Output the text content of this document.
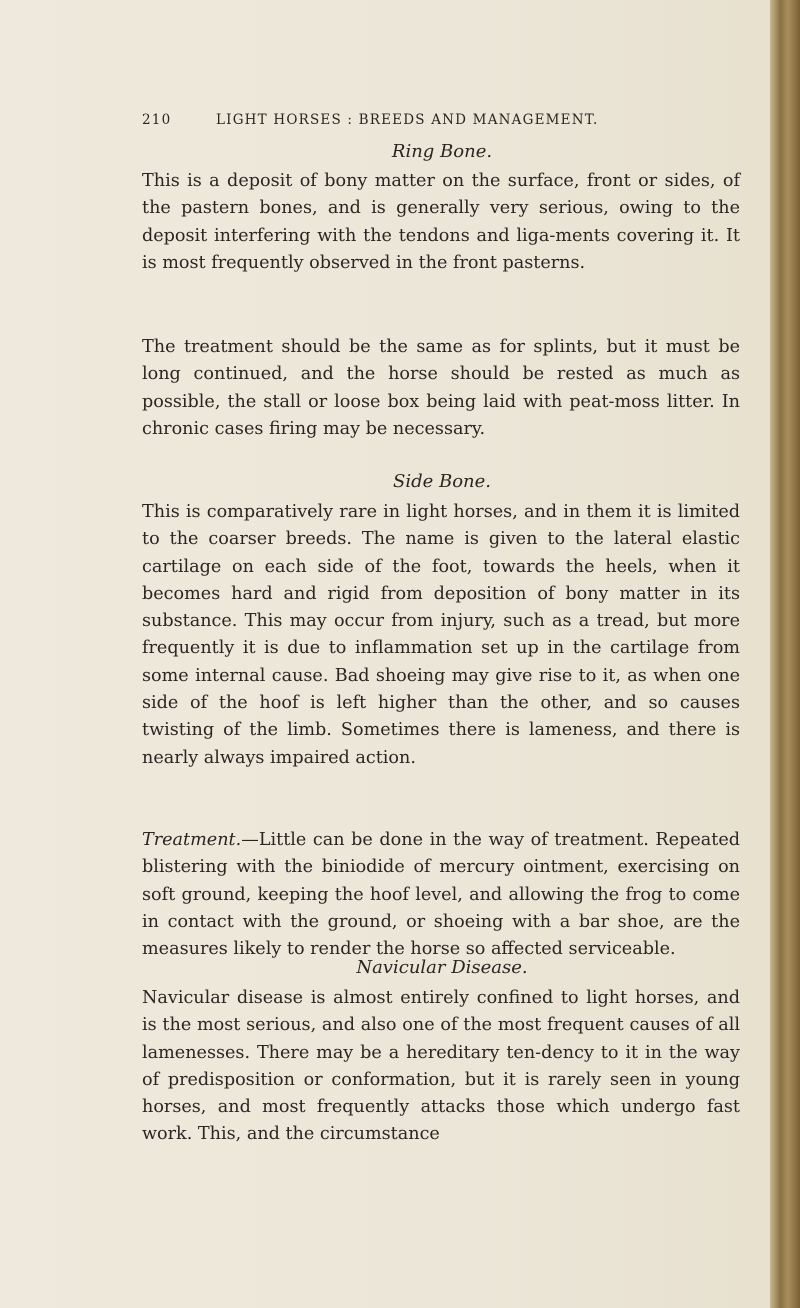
210	LIGHT HORSES : BREEDS AND MANAGEMENT.
Ring Bone.

This is a deposit of bony matter on the surface, front or sides, of the pastern bones, and is generally very serious, owing to the deposit interfering with the tendons and liga-ments covering it. It is most frequently observed in the front pasterns.

The treatment should be the same as for splints, but it must be long continued, and the horse should be rested as much as possible, the stall or loose box being laid with peat-moss litter. In chronic cases firing may be necessary.

Side Bone.

This is comparatively rare in light horses, and in them it is limited to the coarser breeds. The name is given to the lateral elastic cartilage on each side of the foot, towards the heels, when it becomes hard and rigid from deposition of bony matter in its substance. This may occur from injury, such as a tread, but more frequently it is due to inflammation set up in the cartilage from some internal cause. Bad shoeing may give rise to it, as when one side of the hoof is left higher than the other, and so causes twisting of the limb. Sometimes there is lameness, and there is nearly always impaired action.

Treatment.—Little can be done in the way of treatment. Repeated blistering with the biniodide of mercury ointment, exercising on soft ground, keeping the hoof level, and allowing the frog to come in contact with the ground, or shoeing with a bar shoe, are the measures likely to render the horse so affected serviceable.

Navicular Disease.

Navicular disease is almost entirely confined to light horses, and is the most serious, and also one of the most frequent causes of all lamenesses. There may be a hereditary ten-dency to it in the way of predisposition or conformation, but it is rarely seen in young horses, and most frequently attacks those which undergo fast work. This, and the circumstance
